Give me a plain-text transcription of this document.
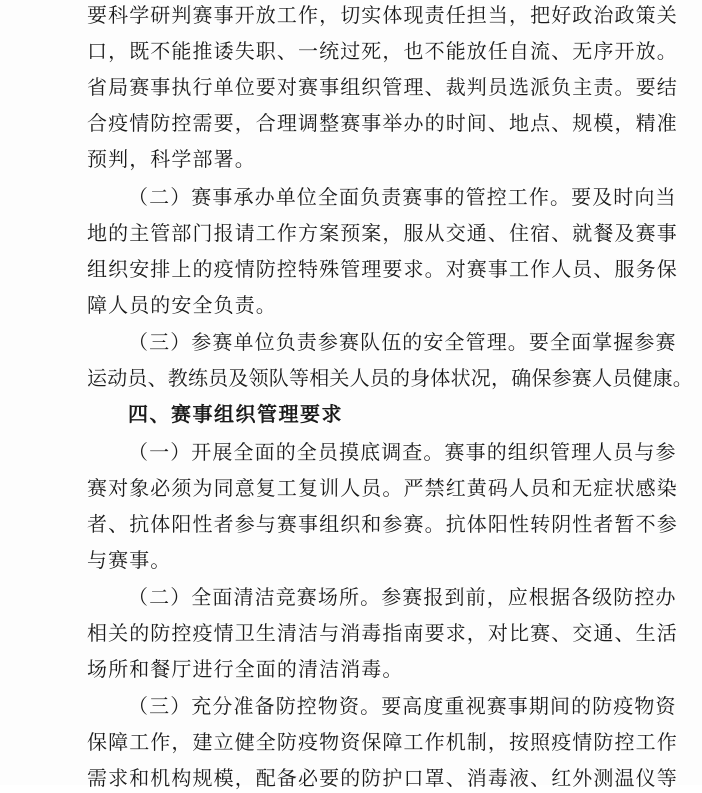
要科学研判赛事开放工作，切实体现责任担当，把好政治政策关
口，既不能推诿失职、一统过死，也不能放任自流、无序开放。
省局赛事执行单位要对赛事组织管理、裁判员选派负主责。要结
合疫情防控需要，合理调整赛事举办的时间、地点、规模，精准
预判，科学部署。
（二）赛事承办单位全面负责赛事的管控工作。要及时向当
地的主管部门报请工作方案预案，服从交通、住宿、就餐及赛事
组织安排上的疫情防控特殊管理要求。对赛事工作人员、服务保
障人员的安全负责。
（三）参赛单位负责参赛队伍的安全管理。要全面掌握参赛
运动员、教练员及领队等相关人员的身体状况，确保参赛人员健康。
四、赛事组织管理要求
（一）开展全面的全员摸底调查。赛事的组织管理人员与参
赛对象必须为同意复工复训人员。严禁红黄码人员和无症状感染
者、抗体阳性者参与赛事组织和参赛。抗体阳性转阴性者暂不参
与赛事。
（二）全面清洁竞赛场所。参赛报到前，应根据各级防控办
相关的防控疫情卫生清洁与消毒指南要求，对比赛、交通、生活
场所和餐厅进行全面的清洁消毒。
（三）充分准备防控物资。要高度重视赛事期间的防疫物资
保障工作，建立健全防疫物资保障工作机制，按照疫情防控工作
需求和机构规模，配备必要的防护口罩、消毒液、红外测温仪等
